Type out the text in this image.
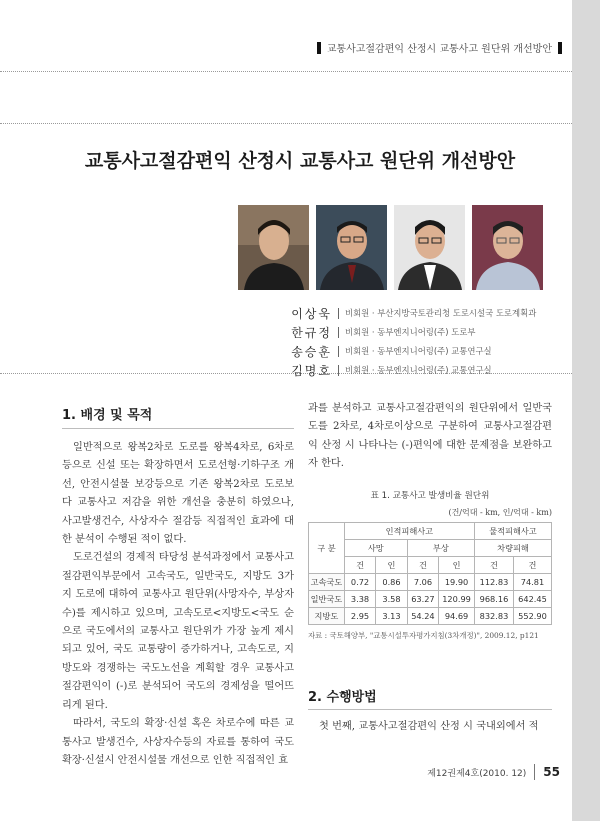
교통사고절감편익 산정시 교통사고 원단위 개선방안
교통사고절감편익 산정시 교통사고 원단위 개선방안
이상욱	비회원 · 부산지방국토관리청 도로시설국 도로계획과
한규정	비회원 · 동부엔지니어링(주) 도로부
송승훈	비회원 · 동부엔지니어링(주) 교통연구실
김명호	비회원 · 동부엔지니어링(주) 교통연구실
1. 배경 및 목적

일반적으로 왕복2차로 도로를 왕복4차로, 6차로 등으로 신설 또는 확장하면서 도로선형·기하구조 개선, 안전시설물 보강등으로 기존 왕복2차로 도로보다 교통사고 저감을 위한 개선을 충분히 하였으나, 사고발생건수, 사상자수 절감등 직접적인 효과에 대한 분석이 수행된 적이 없다.

도로건설의 경제적 타당성 분석과정에서 교통사고 절감편익부문에서 고속국도, 일반국도, 지방도 3가지 도로에 대하여 교통사고 원단위(사망자수, 부상자수)를 제시하고 있으며, 고속도로<지방도<국도 순으로 국도에서의 교통사고 원단위가 가장 높게 제시되고 있어, 국도 교통량이 증가하거나, 고속도로, 지방도와 경쟁하는 국도노선을 계획할 경우 교통사고절감편익이 (-)로 분석되어 국도의 경제성을 떨어뜨리게 된다.

따라서, 국도의 확장·신설 혹은 차로수에 따른 교통사고 발생건수, 사상자수등의 자료를 통하여 국도 확장·신설시 안전시설물 개선으로 인한 직접적인 효

과를 분석하고 교통사고절감편익의 원단위에서 일반국도를 2차로, 4차로이상으로 구분하여 교통사고절감편익 산정 시 나타나는 (-)편익에 대한 문제점을 보완하고자 한다.

표 1. 교통사고 발생비율 원단위
(건/억대 - km, 인/억대 - km)
구 분	인적피해사고				물적피해사고	
	사망		부상		차량피해	
	건	인	건	인	건	건
고속국도	0.72	0.86	7.06	19.90	112.83	74.81
일반국도	3.38	3.58	63.27	120.99	968.16	642.45
지방도	2.95	3.13	54.24	94.69	832.83	552.90
자료 : 국토해양부, "교통시설투자평가지침(3차개정)", 2009.12, p121
2. 수행방법

첫 번째, 교통사고절감편익 산정 시 국내외에서 적

제12권제4호(2010. 12) 55
